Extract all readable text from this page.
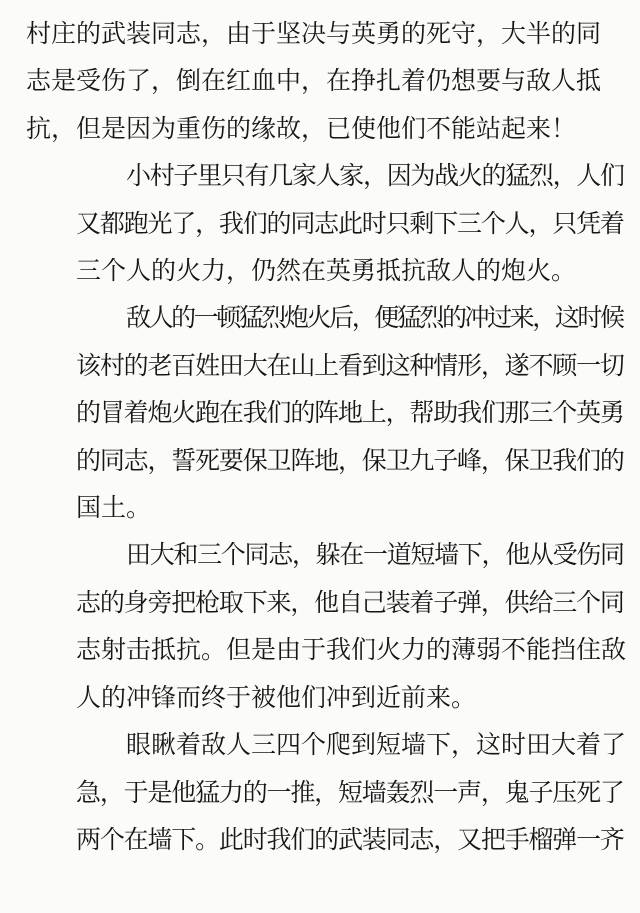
村庄的武装同志，由于坚决与英勇的死守，大半的同
志是受伤了，倒在红血中，在挣扎着仍想要与敌人抵
抗，但是因为重伤的缘故，已使他们不能站起来！
小村子里只有几家人家，因为战火的猛烈，人们
又都跑光了，我们的同志此时只剩下三个人，只凭着
三个人的火力，仍然在英勇抵抗敌人的炮火。
敌人的一顿猛烈炮火后，便猛烈的冲过来，这时候
该村的老百姓田大在山上看到这种情形，遂不顾一切
的冒着炮火跑在我们的阵地上，帮助我们那三个英勇
的同志，誓死要保卫阵地，保卫九子峰，保卫我们的
国土。
田大和三个同志，躲在一道短墙下，他从受伤同
志的身旁把枪取下来，他自己装着子弹，供给三个同
志射击抵抗。但是由于我们火力的薄弱不能挡住敌
人的冲锋而终于被他们冲到近前来。
眼瞅着敌人三四个爬到短墙下，这时田大着了
急，于是他猛力的一推，短墙轰烈一声，鬼子压死了
两个在墙下。此时我们的武装同志，又把手榴弹一齐
